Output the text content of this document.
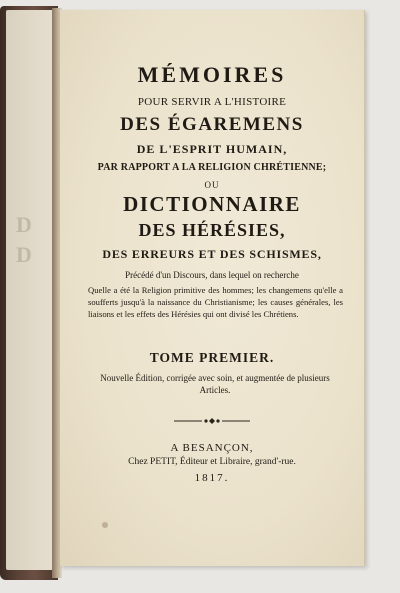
D
D
MÉMOIRES
POUR SERVIR A L'HISTOIRE
DES ÉGAREMENS
DE L'ESPRIT HUMAIN,
PAR RAPPORT A LA RELIGION CHRÉTIENNE;
OU
DICTIONNAIRE
DES HÉRÉSIES,
DES ERREURS ET DES SCHISMES,
Précédé d'un Discours, dans lequel on recherche
Quelle a été la Religion primitive des hommes; les changemens qu'elle a soufferts jusqu'à la naissance du Christianisme; les causes générales, les liaisons et les effets des Hérésies qui ont divisé les Chrétiens.
TOME PREMIER.
Nouvelle Édition, corrigée avec soin, et augmentée de plusieurs Articles.
A BESANÇON,
Chez PETIT, Éditeur et Libraire, grand'-rue.
1817.
